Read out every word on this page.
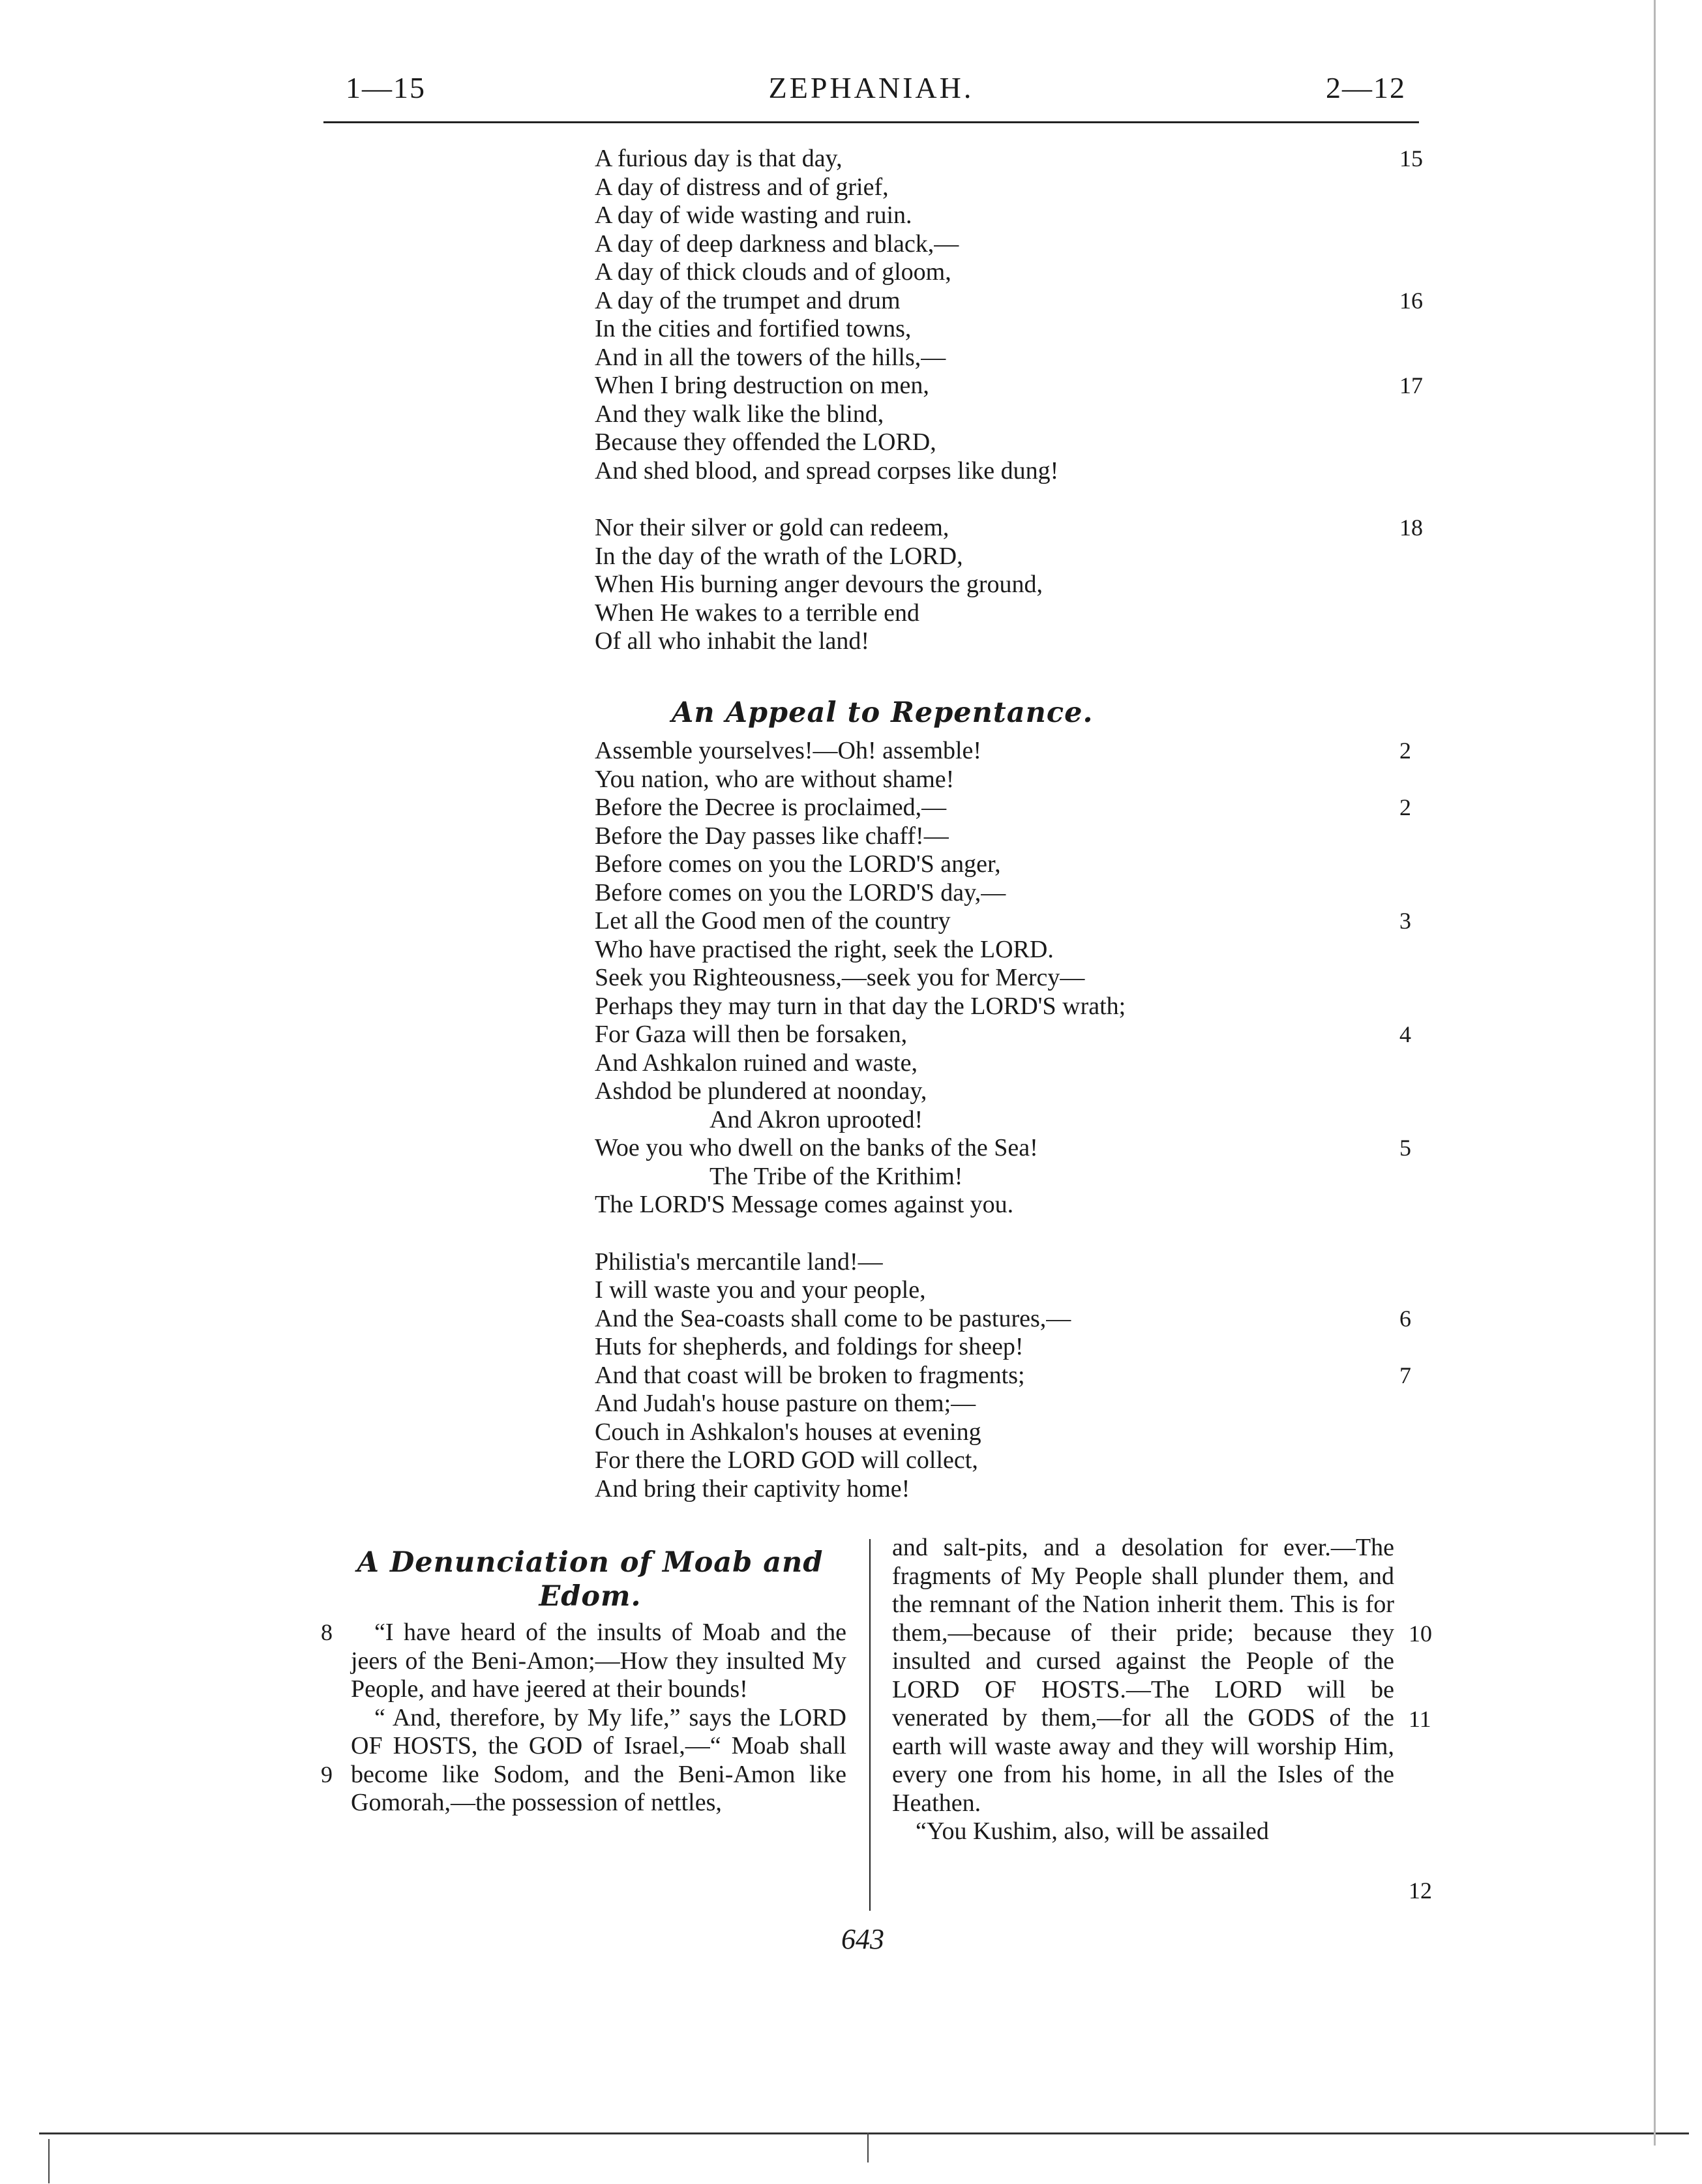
1—15	ZEPHANIAH.	2—12
A furious day is that day,	15
A day of distress and of grief,
A day of wide wasting and ruin.
A day of deep darkness and black,—
A day of thick clouds and of gloom,
A day of the trumpet and drum	16
In the cities and fortified towns,
And in all the towers of the hills,—
When I bring destruction on men,	17
And they walk like the blind,
Because they offended the LORD,
And shed blood, and spread corpses like dung!
Nor their silver or gold can redeem,	18
In the day of the wrath of the LORD,
When His burning anger devours the ground,
When He wakes to a terrible end
Of all who inhabit the land!
An Appeal to Repentance.
Assemble yourselves!—Oh! assemble!	2
You nation, who are without shame!
Before the Decree is proclaimed,—	2
Before the Day passes like chaff!—
Before comes on you the LORD'S anger,
Before comes on you the LORD'S day,—
Let all the Good men of the country	3
Who have practised the right, seek the LORD.
Seek you Righteousness,—seek you for Mercy—
Perhaps they may turn in that day the LORD'S wrath;
For Gaza will then be forsaken,	4
And Ashkalon ruined and waste,
Ashdod be plundered at noonday,
And Akron uprooted!
Woe you who dwell on the banks of the Sea!	5
The Tribe of the Krithim!
The LORD'S Message comes against you.
Philistia's mercantile land!—
I will waste you and your people,
And the Sea-coasts shall come to be pastures,—	6
Huts for shepherds, and foldings for sheep!
And that coast will be broken to fragments;	7
And Judah's house pasture on them;—
Couch in Ashkalon's houses at evening
For there the LORD GOD will collect,
And bring their captivity home!
A Denunciation of Moab and Edom.
8	“I have heard of the insults of Moab and the jeers of the Beni-Amon;—How they insulted My People, and have jeered at their bounds!

9

“ And, therefore, by My life,” says the LORD OF HOSTS, the GOD of Israel,—“ Moab shall become like Sodom, and the Beni-Amon like Gomorah,—the possession of nettles,

and salt-pits, and a desolation for ever.—The fragments of My People shall plunder them, and the remnant of the Nation inherit them. This is for them,—because of their pride; because they insulted and cursed against the People of the LORD OF HOSTS.—The LORD will be venerated by them,—for all the GODS of the earth will waste away and they will worship Him, every one from his home, in all the Isles of the Heathen.

“You Kushim, also, will be assailed

10
11
12
643
